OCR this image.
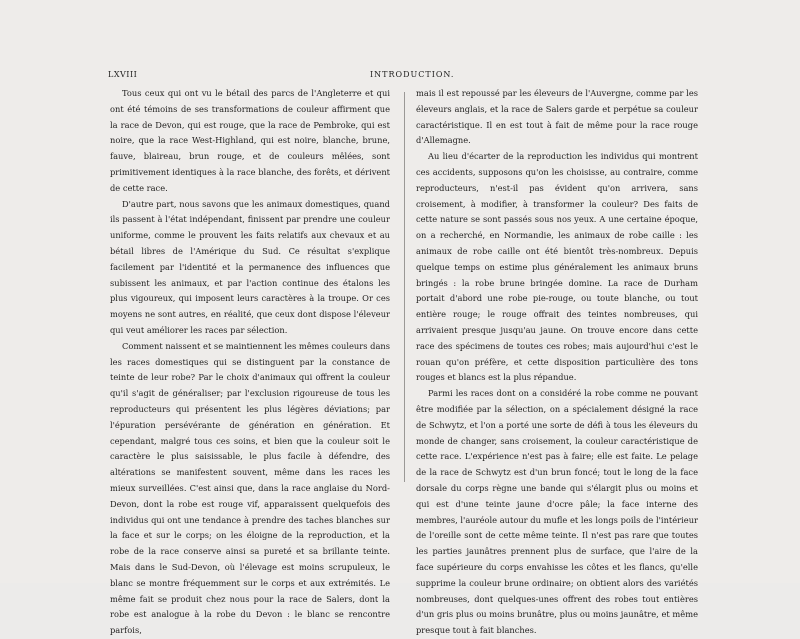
LXVIII	INTRODUCTION.

Tous ceux qui ont vu le bétail des parcs de l'Angleterre et qui ont été témoins de ses transformations de couleur affirment que la race de Devon, qui est rouge, que la race de Pembroke, qui est noire, que la race West-Highland, qui est noire, blanche, brune, fauve, blaireau, brun rouge, et de couleurs mêlées, sont primitivement identiques à la race blanche, des forêts, et dérivent de cette race.

D'autre part, nous savons que les animaux domestiques, quand ils passent à l'état indépendant, finissent par prendre une couleur uniforme, comme le prouvent les faits relatifs aux chevaux et au bétail libres de l'Amérique du Sud. Ce résultat s'explique facilement par l'identité et la permanence des influences que subissent les animaux, et par l'action continue des étalons les plus vigoureux, qui imposent leurs caractères à la troupe. Or ces moyens ne sont autres, en réalité, que ceux dont dispose l'éleveur qui veut améliorer les races par sélection.

Comment naissent et se maintiennent les mêmes couleurs dans les races domestiques qui se distinguent par la constance de teinte de leur robe? Par le choix d'animaux qui offrent la couleur qu'il s'agit de généraliser; par l'exclusion rigoureuse de tous les reproducteurs qui présentent les plus légères déviations; par l'épuration persévérante de génération en génération. Et cependant, malgré tous ces soins, et bien que la couleur soit le caractère le plus saisissable, le plus facile à défendre, des altérations se manifestent souvent, même dans les races les mieux surveillées. C'est ainsi que, dans la race anglaise du Nord-Devon, dont la robe est rouge vif, apparaissent quelquefois des individus qui ont une tendance à prendre des taches blanches sur la face et sur le corps; on les éloigne de la reproduction, et la robe de la race conserve ainsi sa pureté et sa brillante teinte. Mais dans le Sud-Devon, où l'élevage est moins scrupuleux, le blanc se montre fréquemment sur le corps et aux extrémités. Le même fait se produit chez nous pour la race de Salers, dont la robe est analogue à la robe du Devon : le blanc se rencontre parfois,

mais il est repoussé par les éleveurs de l'Auvergne, comme par les éleveurs anglais, et la race de Salers garde et perpétue sa couleur caractéristique. Il en est tout à fait de même pour la race rouge d'Allemagne.

Au lieu d'écarter de la reproduction les individus qui montrent ces accidents, supposons qu'on les choisisse, au contraire, comme reproducteurs, n'est-il pas évident qu'on arrivera, sans croisement, à modifier, à transformer la couleur? Des faits de cette nature se sont passés sous nos yeux. A une certaine époque, on a recherché, en Normandie, les animaux de robe caille : les animaux de robe caille ont été bientôt très-nombreux. Depuis quelque temps on estime plus généralement les animaux bruns bringés : la robe brune bringée domine. La race de Durham portait d'abord une robe pie-rouge, ou toute blanche, ou tout entière rouge; le rouge offrait des teintes nombreuses, qui arrivaient presque jusqu'au jaune. On trouve encore dans cette race des spécimens de toutes ces robes; mais aujourd'hui c'est le rouan qu'on préfère, et cette disposition particulière des tons rouges et blancs est la plus répandue.

Parmi les races dont on a considéré la robe comme ne pouvant être modifiée par la sélection, on a spécialement désigné la race de Schwytz, et l'on a porté une sorte de défi à tous les éleveurs du monde de changer, sans croisement, la couleur caractéristique de cette race. L'expérience n'est pas à faire; elle est faite. Le pelage de la race de Schwytz est d'un brun foncé; tout le long de la face dorsale du corps règne une bande qui s'élargit plus ou moins et qui est d'une teinte jaune d'ocre pâle; la face interne des membres, l'auréole autour du mufle et les longs poils de l'intérieur de l'oreille sont de cette même teinte. Il n'est pas rare que toutes les parties jaunâtres prennent plus de surface, que l'aire de la face supérieure du corps envahisse les côtes et les flancs, qu'elle supprime la couleur brune ordinaire; on obtient alors des variétés nombreuses, dont quelques-unes offrent des robes tout entières d'un gris plus ou moins brunâtre, plus ou moins jaunâtre, et même presque tout à fait blanches.
